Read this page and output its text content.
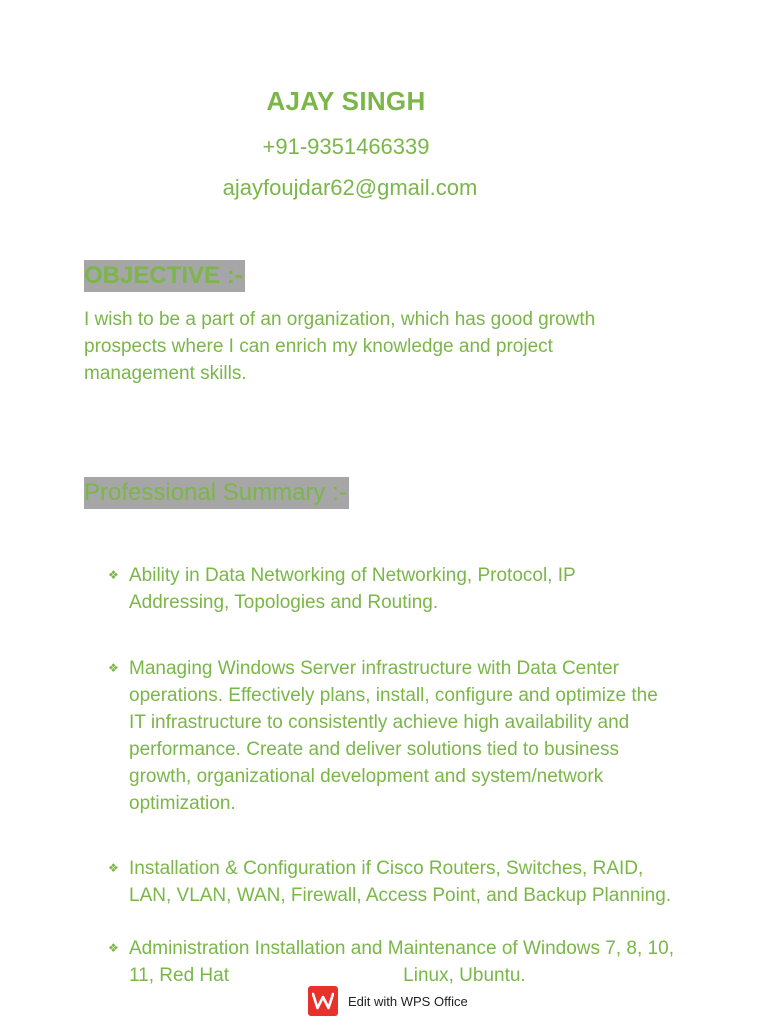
AJAY SINGH
+91-9351466339
ajayfoujdar62@gmail.com
OBJECTIVE :-
I wish to be a part of an organization, which has good growth prospects where I can enrich my knowledge and project management skills.
Professional Summary :-
❖ Ability in Data Networking of Networking, Protocol, IP Addressing, Topologies and Routing.
❖ Managing Windows Server infrastructure with Data Center operations. Effectively plans, install, configure and optimize the IT infrastructure to consistently achieve high availability and performance. Create and deliver solutions tied to business growth, organizational development and system/network optimization.
❖ Installation & Configuration if Cisco Routers, Switches, RAID, LAN, VLAN, WAN, Firewall, Access Point, and Backup Planning.
❖ Administration Installation and Maintenance of Windows 7, 8, 10, 11, Red Hat                                 Linux, Ubuntu.
Edit with WPS Office
